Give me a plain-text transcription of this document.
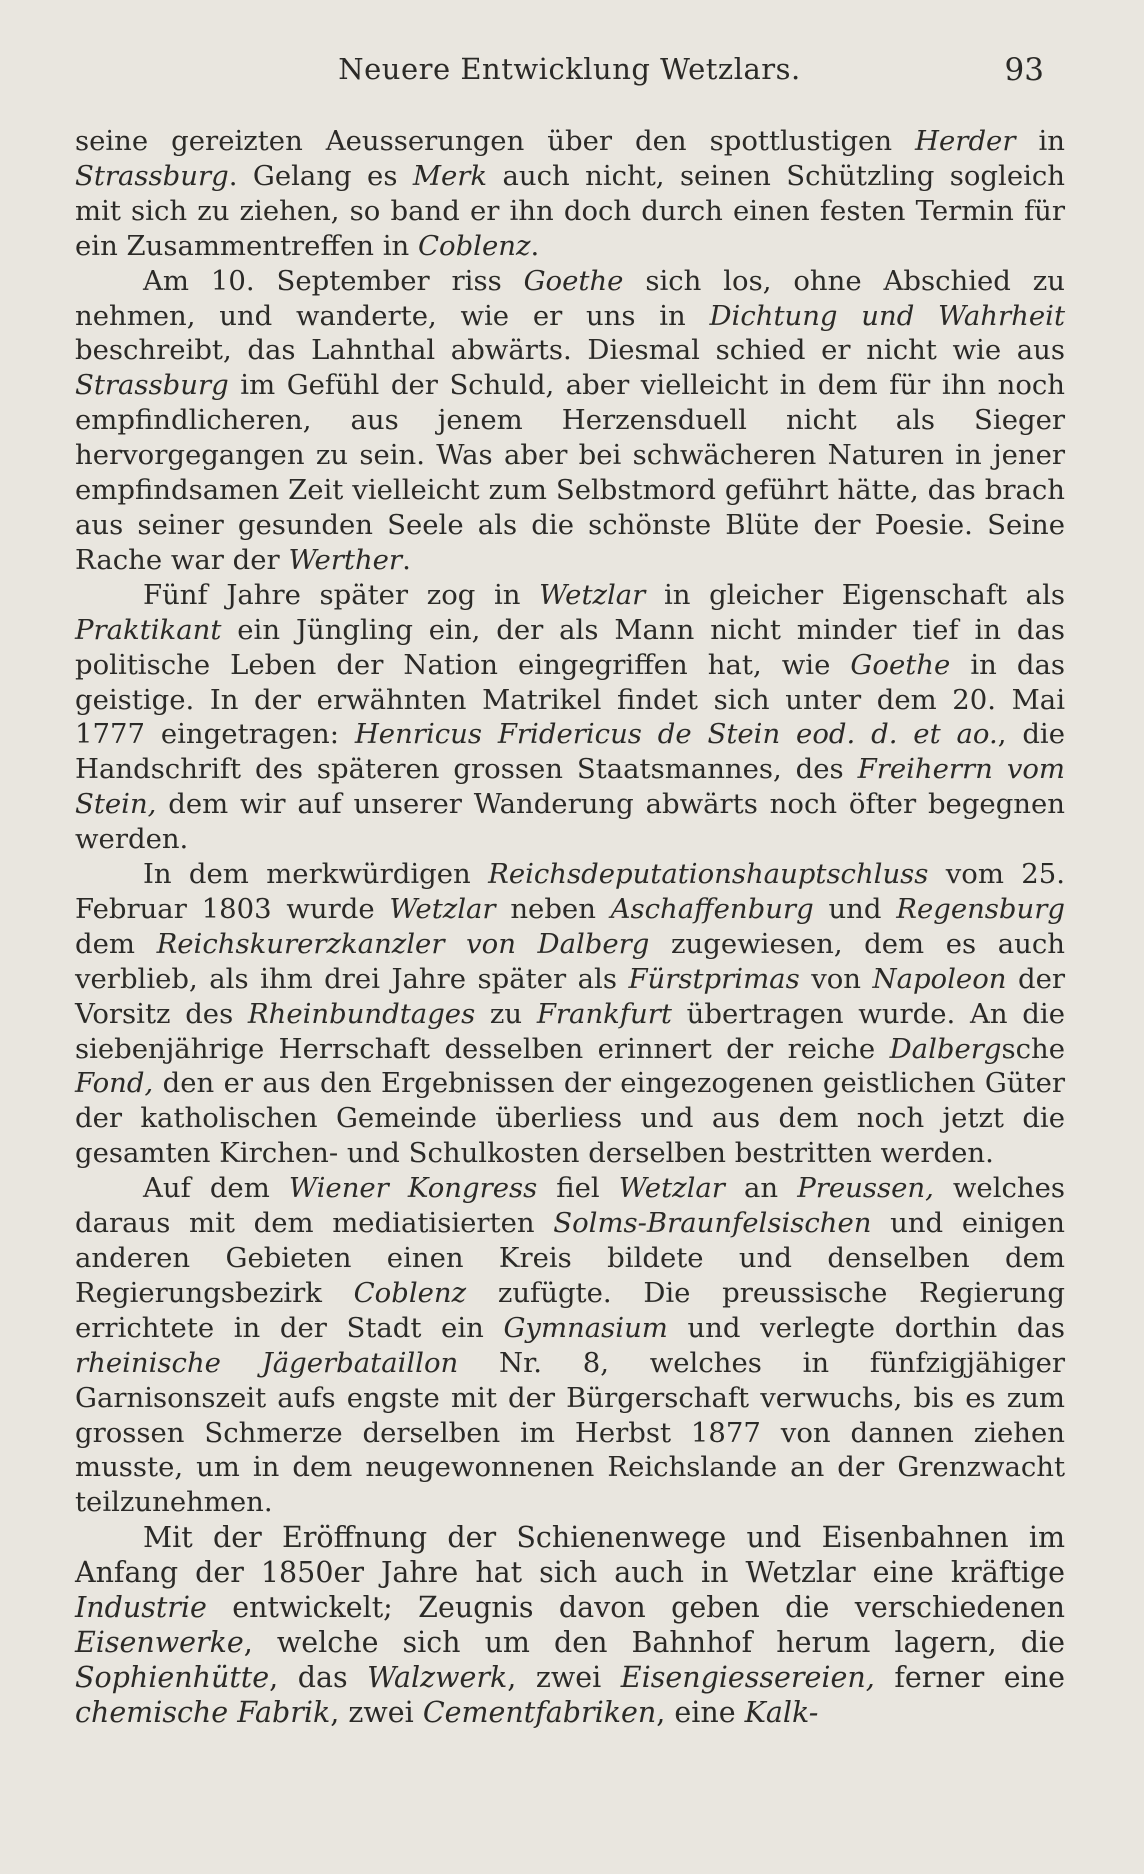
Neuere Entwicklung Wetzlars.	93

seine gereizten Aeusserungen über den spottlustigen Herder in Strassburg. Gelang es Merk auch nicht, seinen Schützling sogleich mit sich zu ziehen, so band er ihn doch durch einen festen Termin für ein Zusammentreffen in Coblenz.

Am 10. September riss Goethe sich los, ohne Abschied zu nehmen, und wanderte, wie er uns in Dichtung und Wahrheit beschreibt, das Lahnthal abwärts. Diesmal schied er nicht wie aus Strassburg im Gefühl der Schuld, aber vielleicht in dem für ihn noch empfindlicheren, aus jenem Herzensduell nicht als Sieger hervorgegangen zu sein. Was aber bei schwächeren Naturen in jener empfindsamen Zeit vielleicht zum Selbstmord geführt hätte, das brach aus seiner gesunden Seele als die schönste Blüte der Poesie. Seine Rache war der Werther.

Fünf Jahre später zog in Wetzlar in gleicher Eigenschaft als Praktikant ein Jüngling ein, der als Mann nicht minder tief in das politische Leben der Nation eingegriffen hat, wie Goethe in das geistige. In der erwähnten Matrikel findet sich unter dem 20. Mai 1777 eingetragen: Henricus Fridericus de Stein eod. d. et ao., die Handschrift des späteren grossen Staatsmannes, des Freiherrn vom Stein, dem wir auf unserer Wanderung abwärts noch öfter begegnen werden.

In dem merkwürdigen Reichsdeputationshauptschluss vom 25. Februar 1803 wurde Wetzlar neben Aschaffenburg und Regensburg dem Reichskurerzkanzler von Dalberg zugewiesen, dem es auch verblieb, als ihm drei Jahre später als Fürstprimas von Napoleon der Vorsitz des Rheinbundtages zu Frankfurt übertragen wurde. An die siebenjährige Herrschaft desselben erinnert der reiche Dalbergsche Fond, den er aus den Ergebnissen der eingezogenen geistlichen Güter der katholischen Gemeinde überliess und aus dem noch jetzt die gesamten Kirchen- und Schulkosten derselben bestritten werden.

Auf dem Wiener Kongress fiel Wetzlar an Preussen, welches daraus mit dem mediatisierten Solms-Braunfelsischen und einigen anderen Gebieten einen Kreis bildete und denselben dem Regierungsbezirk Coblenz zufügte. Die preussische Regierung errichtete in der Stadt ein Gymnasium und verlegte dorthin das rheinische Jägerbataillon Nr. 8, welches in fünfzigjähiger Garnisonszeit aufs engste mit der Bürgerschaft verwuchs, bis es zum grossen Schmerze derselben im Herbst 1877 von dannen ziehen musste, um in dem neugewonnenen Reichslande an der Grenzwacht teilzunehmen.

Mit der Eröffnung der Schienenwege und Eisenbahnen im Anfang der 1850er Jahre hat sich auch in Wetzlar eine kräftige Industrie entwickelt; Zeugnis davon geben die verschiedenen Eisenwerke, welche sich um den Bahnhof herum lagern, die Sophienhütte, das Walzwerk, zwei Eisengiessereien, ferner eine chemische Fabrik, zwei Cementfabriken, eine Kalk-
